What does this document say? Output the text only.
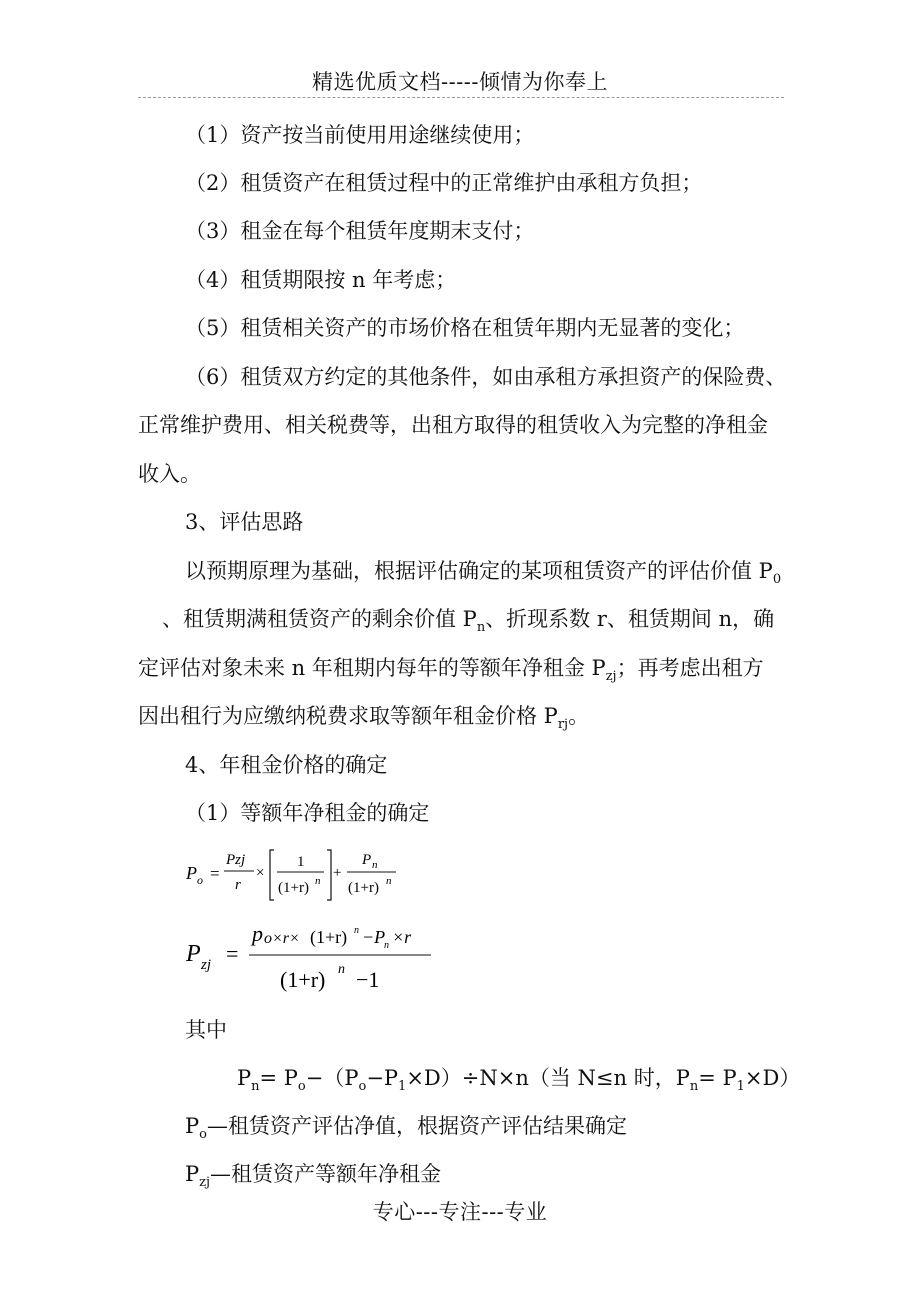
精选优质文档-----倾情为你奉上
（1）资产按当前使用用途继续使用；
（2）租赁资产在租赁过程中的正常维护由承租方负担；
（3）租金在每个租赁年度期末支付；
（4）租赁期限按 n 年考虑；
（5）租赁相关资产的市场价格在租赁年期内无显著的变化；
（6）租赁双方约定的其他条件，如由承租方承担资产的保险费、
正常维护费用、相关税费等，出租方取得的租赁收入为完整的净租金
收入。
3、评估思路
以预期原理为基础，根据评估确定的某项租赁资产的评估价值 $P_0$
、租赁期满租赁资产的剩余价值 $P_n$、折现系数 r、租赁期间 n，确
定评估对象未来 n 年租期内每年的等额年净租金 $P_{zj}$；再考虑出租方
因出租行为应缴纳税费求取等额年租金价格 $P_{rj}$。
4、年租金价格的确定
（1）等额年净租金的确定
P o =
Pzj
r
×
1
(1+r) n +
P n
(1+r) n
P zj =
p o×r× (1+r) n −P
n ×r
(1+r) n −1
其中
$P_n= P_o-(P_o-P_1\times D)\div N\times n$（当 N≤n 时，$P_n= P_1\times D$）
$P_o—$租赁资产评估净值，根据资产评估结果确定
$P_{zj}—$租赁资产等额年净租金
专心---专注---专业
